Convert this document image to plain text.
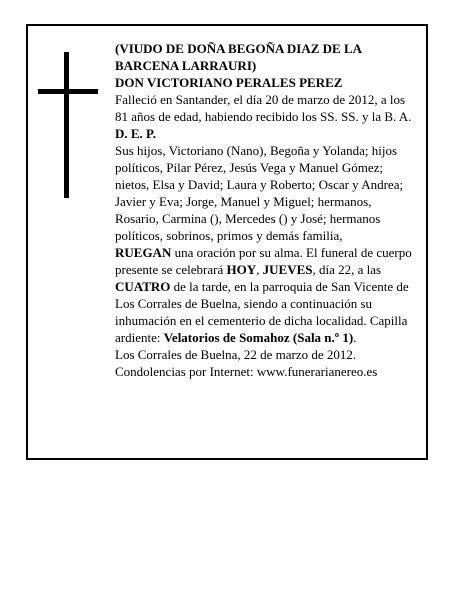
(VIUDO DE DOÑA BEGOÑA DIAZ DE LA BARCENA LARRAURI)

DON VICTORIANO PERALES PEREZ

Falleció en Santander, el día 20 de marzo de 2012, a los 81 años de edad, habiendo recibido los SS. SS. y la B. A.

D. E. P.

Sus hijos, Victoriano (Nano), Begoña y Yolanda; hijos políticos, Pilar Pérez, Jesús Vega y Manuel Gómez; nietos, Elsa y David; Laura y Roberto; Oscar y Andrea; Javier y Eva; Jorge, Manuel y Miguel; hermanos, Rosario, Carmina (), Mercedes () y José; hermanos políticos, sobrinos, primos y demás familia,

RUEGAN una oración por su alma. El funeral de cuerpo presente se celebrará HOY, JUEVES, día 22, a las CUATRO de la tarde, en la parroquia de San Vicente de Los Corrales de Buelna, siendo a continuación su inhumación en el cementerio de dicha localidad. Capilla ardiente: Velatorios de Somahoz (Sala n.º 1).

Los Corrales de Buelna, 22 de marzo de 2012.

Condolencias por Internet: www.funerarianereo.es
